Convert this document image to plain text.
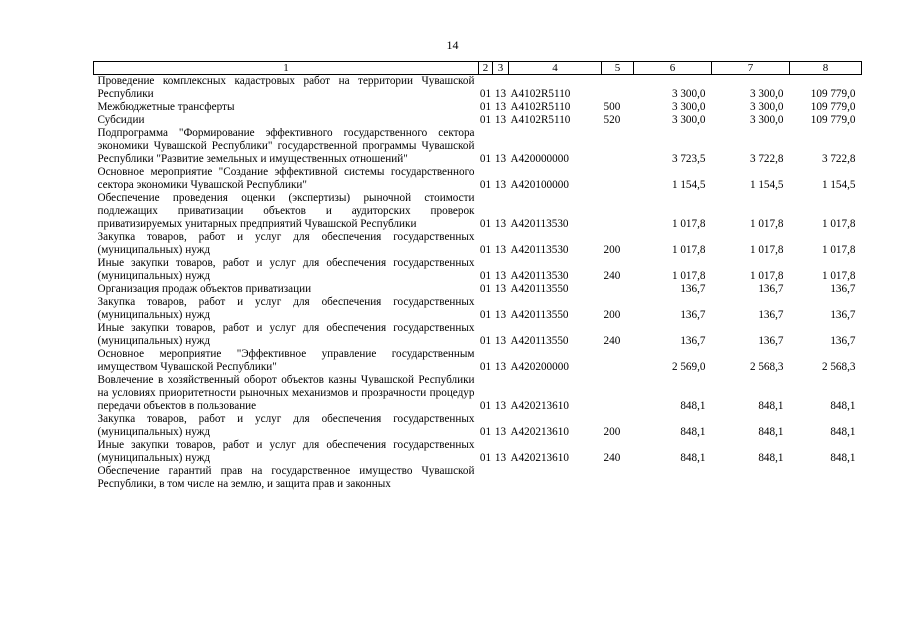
14
1	2	3	4	5	6	7	8
Проведение комплексных кадастровых работ на территории Чувашской Республики	01	13	А4102R5110		3 300,0	3 300,0	109 779,0
Межбюджетные трансферты	01	13	А4102R5110	500	3 300,0	3 300,0	109 779,0
Субсидии	01	13	А4102R5110	520	3 300,0	3 300,0	109 779,0
Подпрограмма "Формирование эффективного государственного сектора экономики Чувашской Республики" государственной программы Чувашской Республики "Развитие земельных и имущественных отношений"	01	13	А420000000		3 723,5	3 722,8	3 722,8
Основное мероприятие "Создание эффективной системы государственного сектора экономики Чувашской Республики"	01	13	А420100000		1 154,5	1 154,5	1 154,5
Обеспечение проведения оценки (экспертизы) рыночной стоимости подлежащих приватизации объектов и аудиторских проверок приватизируемых унитарных предприятий Чувашской Республики	01	13	А420113530		1 017,8	1 017,8	1 017,8
Закупка товаров, работ и услуг для обеспечения государственных (муниципальных) нужд	01	13	А420113530	200	1 017,8	1 017,8	1 017,8
Иные закупки товаров, работ и услуг для обеспечения государственных (муниципальных) нужд	01	13	А420113530	240	1 017,8	1 017,8	1 017,8
Организация продаж объектов приватизации	01	13	А420113550		136,7	136,7	136,7
Закупка товаров, работ и услуг для обеспечения государственных (муниципальных) нужд	01	13	А420113550	200	136,7	136,7	136,7
Иные закупки товаров, работ и услуг для обеспечения государственных (муниципальных) нужд	01	13	А420113550	240	136,7	136,7	136,7
Основное мероприятие "Эффективное управление государственным имуществом Чувашской Республики"	01	13	А420200000		2 569,0	2 568,3	2 568,3
Вовлечение в хозяйственный оборот объектов казны Чувашской Республики на условиях приоритетности рыночных механизмов и прозрачности процедур передачи объектов в пользование	01	13	А420213610		848,1	848,1	848,1
Закупка товаров, работ и услуг для обеспечения государственных (муниципальных) нужд	01	13	А420213610	200	848,1	848,1	848,1
Иные закупки товаров, работ и услуг для обеспечения государственных (муниципальных) нужд	01	13	А420213610	240	848,1	848,1	848,1
Обеспечение гарантий прав на государственное имущество Чувашской Республики, в том числе на землю, и защита прав и законных							
